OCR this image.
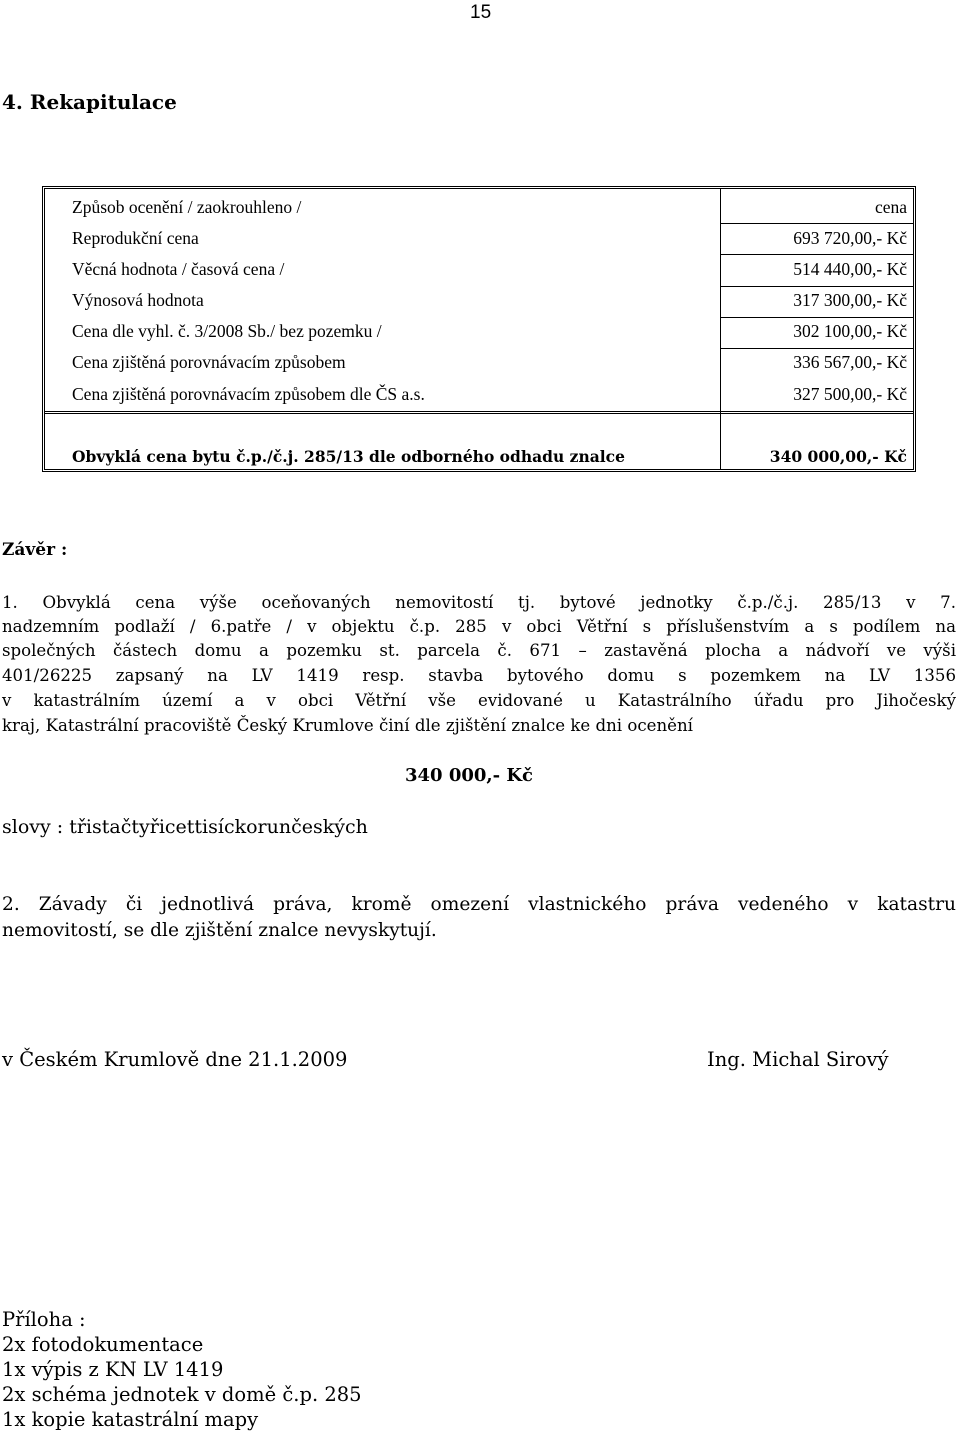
15
4. Rekapitulace
Způsob ocenění / zaokrouhleno /	cena
Reprodukční cena	693 720,00,- Kč
Věcná hodnota / časová cena /	514 440,00,- Kč
Výnosová hodnota	317 300,00,- Kč
Cena dle vyhl. č. 3/2008 Sb./ bez pozemku /	302 100,00,- Kč
Cena zjištěná porovnávacím způsobem	336 567,00,- Kč
Cena zjištěná porovnávacím způsobem dle ČS a.s.	327 500,00,- Kč
Obvyklá cena bytu č.p./č.j. 285/13 dle odborného odhadu znalce	340 000,00,- Kč
Závěr :
1. Obvyklá cena výše oceňovaných nemovitostí tj. bytové jednotky č.p./č.j. 285/13 v 7.
nadzemním podlaží / 6.patře / v objektu č.p. 285 v obci Větřní s příslušenstvím a s podílem na
společných částech domu a pozemku st. parcela č. 671 – zastavěná plocha a nádvoří ve výši
401/26225 zapsaný na LV 1419 resp. stavba bytového domu s pozemkem na LV 1356
v katastrálním území a v obci Větřní vše evidované u Katastrálního úřadu pro Jihočeský
kraj, Katastrální pracoviště Český Krumlove činí dle zjištění znalce ke dni ocenění
340 000,- Kč
slovy : třistačtyřicettisíckorunčeských
2. Závady či jednotlivá práva, kromě omezení vlastnického práva vedeného v katastru
nemovitostí, se dle zjištění znalce nevyskytují.
v Českém Krumlově dne 21.1.2009	Ing. Michal Sirový
Příloha :
2x fotodokumentace
1x výpis z KN LV 1419
2x schéma jednotek v domě č.p. 285
1x kopie katastrální mapy
